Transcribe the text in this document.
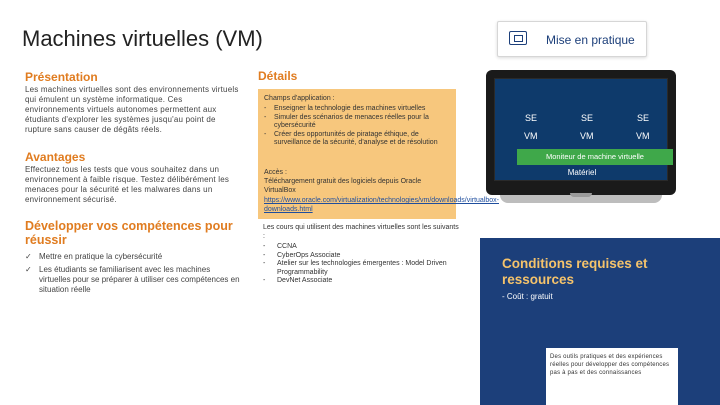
Machines virtuelles (VM)	Mise en pratique
Présentation
Les machines virtuelles sont des environnements virtuels qui émulent un système informatique. Ces environnements virtuels autonomes permettent aux étudiants d'explorer les systèmes jusqu'au point de rupture sans causer de dégâts réels.
Avantages
Effectuez tous les tests que vous souhaitez dans un environnement à faible risque. Testez délibérément les menaces pour la sécurité et les malwares dans un environnement sécurisé.
Développer vos compétences pour réussir
✓ Mettre en pratique la cybersécurité
✓ Les étudiants se familiarisent avec les machines virtuelles pour se préparer à utiliser ces compétences en situation réelle
Détails
Champs d'application :
- Enseigner la technologie des machines virtuelles
- Simuler des scénarios de menaces réelles pour la cybersécurité
- Créer des opportunités de piratage éthique, de surveillance de la sécurité, d'analyse et de résolution
Accès :
Téléchargement gratuit des logiciels depuis Oracle VirtualBox
https://www.oracle.com/virtualization/technologies/vm/downloads/virtualbox-downloads.html
Les cours qui utilisent des machines virtuelles sont les suivants :
- CCNA
- CyberOps Associate
- Atelier sur les technologies émergentes : Model Driven Programmability
- DevNet Associate
SE	SE	SE
VM	VM	VM
Moniteur de machine virtuelle
Matériel
Conditions requises et ressources
- Coût : gratuit
Des outils pratiques et des expériences réelles pour développer des compétences pas à pas et des connaissances
